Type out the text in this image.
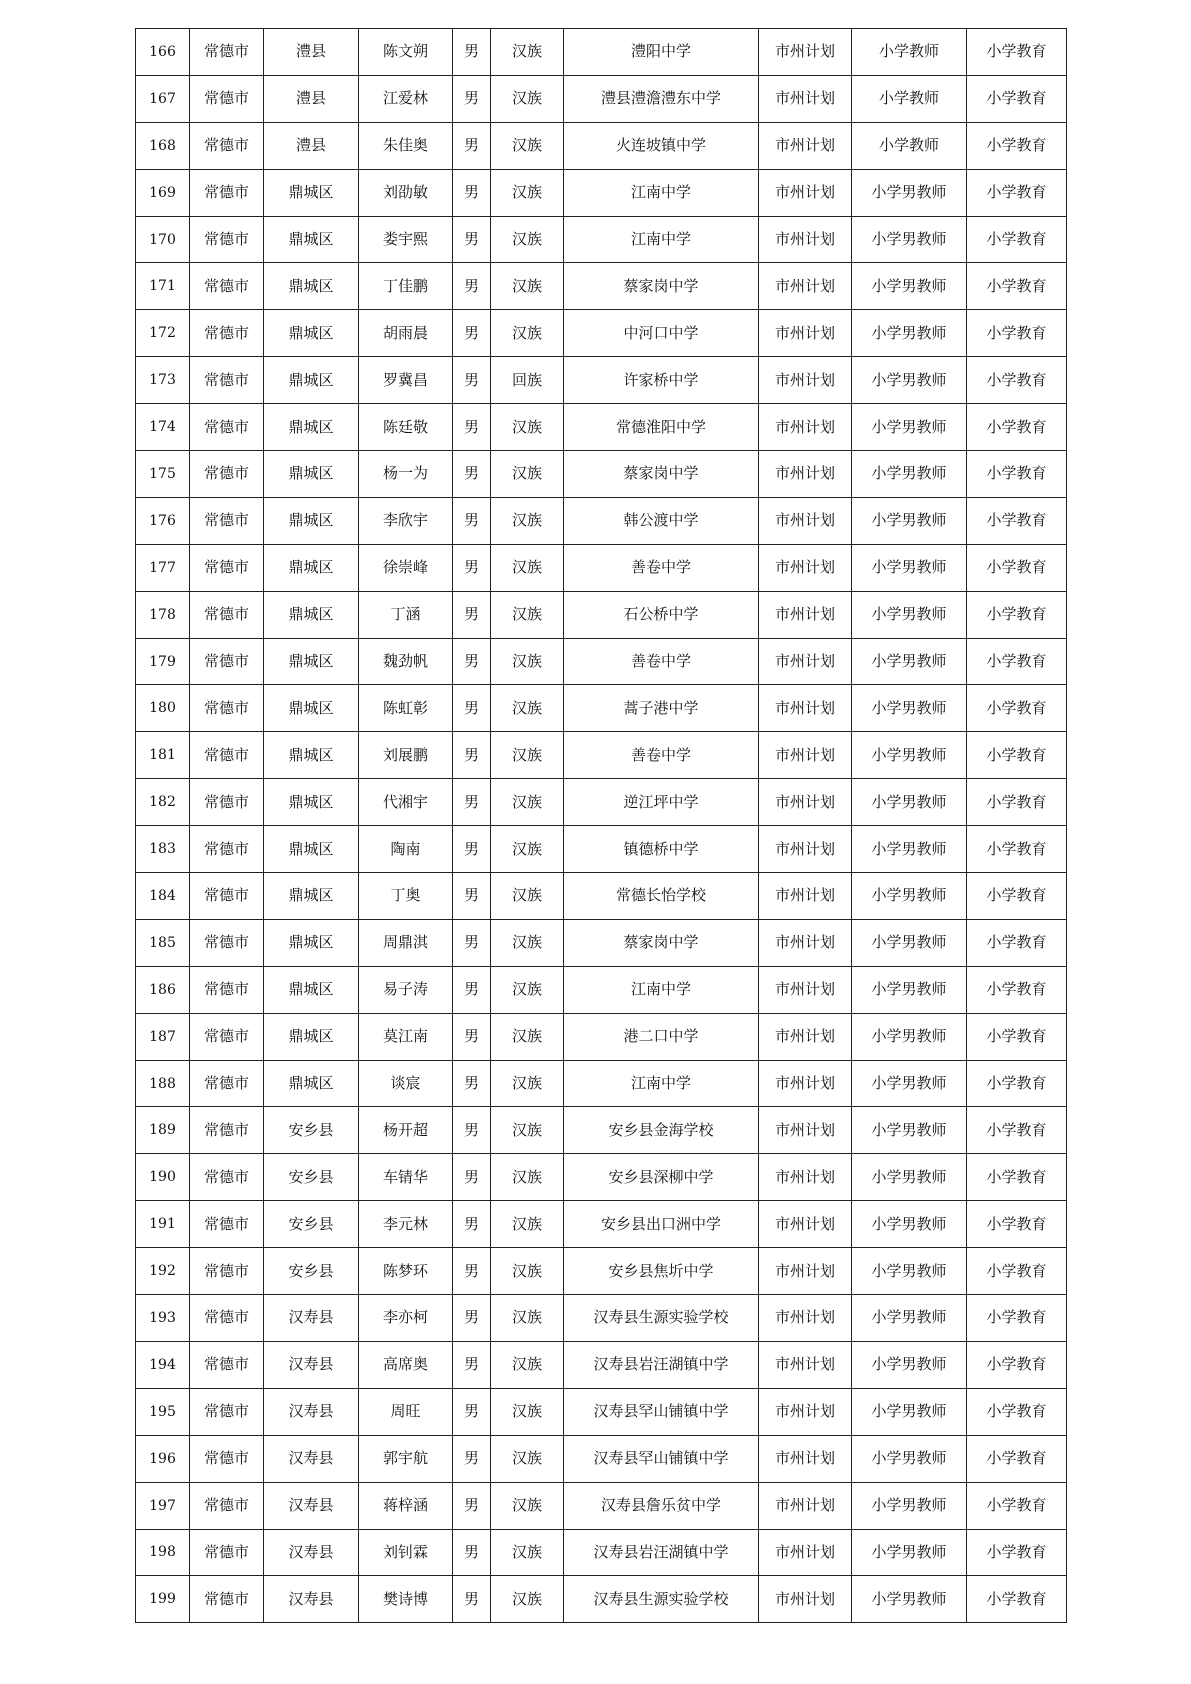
166	常德市	澧县	陈文朔	男	汉族	澧阳中学	市州计划	小学教师	小学教育
167	常德市	澧县	江爱林	男	汉族	澧县澧澹澧东中学	市州计划	小学教师	小学教育
168	常德市	澧县	朱佳奥	男	汉族	火连坡镇中学	市州计划	小学教师	小学教育
169	常德市	鼎城区	刘劭敏	男	汉族	江南中学	市州计划	小学男教师	小学教育
170	常德市	鼎城区	娄宇熙	男	汉族	江南中学	市州计划	小学男教师	小学教育
171	常德市	鼎城区	丁佳鹏	男	汉族	蔡家岗中学	市州计划	小学男教师	小学教育
172	常德市	鼎城区	胡雨晨	男	汉族	中河口中学	市州计划	小学男教师	小学教育
173	常德市	鼎城区	罗冀昌	男	回族	许家桥中学	市州计划	小学男教师	小学教育
174	常德市	鼎城区	陈廷敬	男	汉族	常德淮阳中学	市州计划	小学男教师	小学教育
175	常德市	鼎城区	杨一为	男	汉族	蔡家岗中学	市州计划	小学男教师	小学教育
176	常德市	鼎城区	李欣宇	男	汉族	韩公渡中学	市州计划	小学男教师	小学教育
177	常德市	鼎城区	徐崇峰	男	汉族	善卷中学	市州计划	小学男教师	小学教育
178	常德市	鼎城区	丁涵	男	汉族	石公桥中学	市州计划	小学男教师	小学教育
179	常德市	鼎城区	魏劲帆	男	汉族	善卷中学	市州计划	小学男教师	小学教育
180	常德市	鼎城区	陈虹彰	男	汉族	蒿子港中学	市州计划	小学男教师	小学教育
181	常德市	鼎城区	刘展鹏	男	汉族	善卷中学	市州计划	小学男教师	小学教育
182	常德市	鼎城区	代湘宇	男	汉族	逆江坪中学	市州计划	小学男教师	小学教育
183	常德市	鼎城区	陶南	男	汉族	镇德桥中学	市州计划	小学男教师	小学教育
184	常德市	鼎城区	丁奥	男	汉族	常德长怡学校	市州计划	小学男教师	小学教育
185	常德市	鼎城区	周鼎淇	男	汉族	蔡家岗中学	市州计划	小学男教师	小学教育
186	常德市	鼎城区	易子涛	男	汉族	江南中学	市州计划	小学男教师	小学教育
187	常德市	鼎城区	莫江南	男	汉族	港二口中学	市州计划	小学男教师	小学教育
188	常德市	鼎城区	谈宸	男	汉族	江南中学	市州计划	小学男教师	小学教育
189	常德市	安乡县	杨开超	男	汉族	安乡县金海学校	市州计划	小学男教师	小学教育
190	常德市	安乡县	车锖华	男	汉族	安乡县深柳中学	市州计划	小学男教师	小学教育
191	常德市	安乡县	李元林	男	汉族	安乡县出口洲中学	市州计划	小学男教师	小学教育
192	常德市	安乡县	陈梦环	男	汉族	安乡县焦圻中学	市州计划	小学男教师	小学教育
193	常德市	汉寿县	李亦柯	男	汉族	汉寿县生源实验学校	市州计划	小学男教师	小学教育
194	常德市	汉寿县	高席奥	男	汉族	汉寿县岩汪湖镇中学	市州计划	小学男教师	小学教育
195	常德市	汉寿县	周旺	男	汉族	汉寿县罕山铺镇中学	市州计划	小学男教师	小学教育
196	常德市	汉寿县	郭宇航	男	汉族	汉寿县罕山铺镇中学	市州计划	小学男教师	小学教育
197	常德市	汉寿县	蒋梓涵	男	汉族	汉寿县詹乐贫中学	市州计划	小学男教师	小学教育
198	常德市	汉寿县	刘钊霖	男	汉族	汉寿县岩汪湖镇中学	市州计划	小学男教师	小学教育
199	常德市	汉寿县	樊诗博	男	汉族	汉寿县生源实验学校	市州计划	小学男教师	小学教育
